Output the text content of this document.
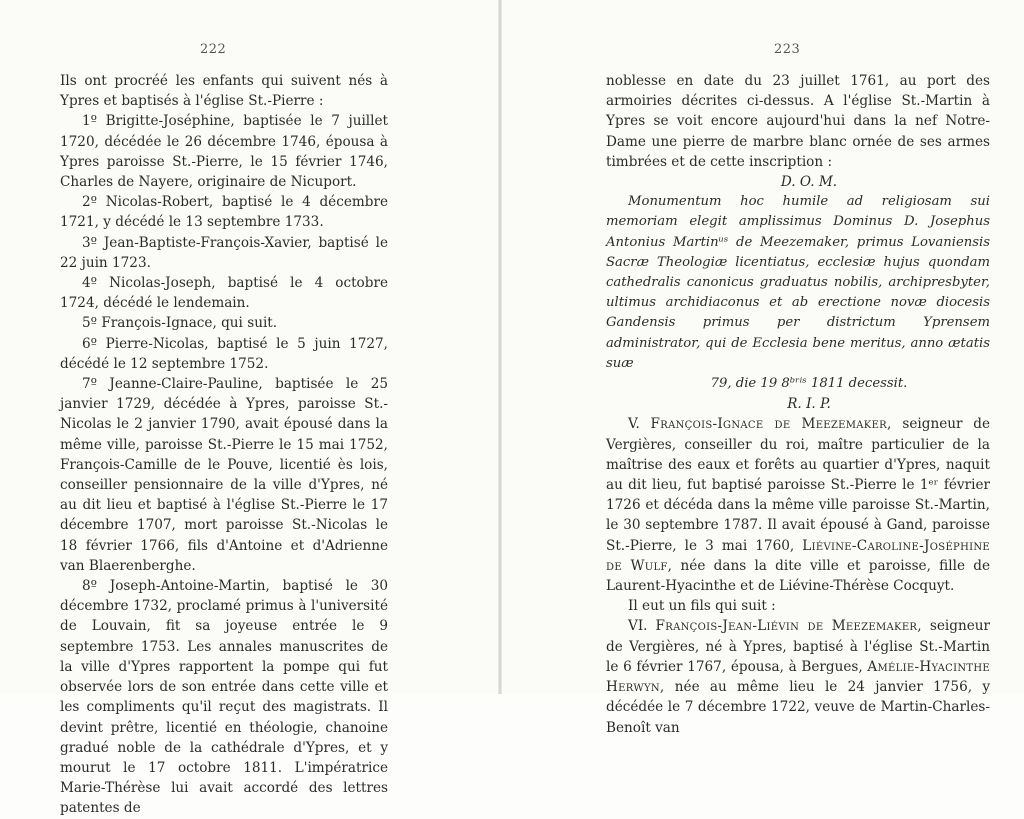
222

Ils ont procréé les enfants qui suivent nés à Ypres et baptisés à l'église St.-Pierre :

1º Brigitte-Joséphine, baptisée le 7 juillet 1720, décédée le 26 décembre 1746, épousa à Ypres paroisse St.-Pierre, le 15 février 1746, Charles de Nayere, originaire de Nicuport.

2º Nicolas-Robert, baptisé le 4 décembre 1721, y décédé le 13 septembre 1733.

3º Jean-Baptiste-François-Xavier, baptisé le 22 juin 1723.

4º Nicolas-Joseph, baptisé le 4 octobre 1724, décédé le lendemain.

5º François-Ignace, qui suit.

6º Pierre-Nicolas, baptisé le 5 juin 1727, décédé le 12 septembre 1752.

7º Jeanne-Claire-Pauline, baptisée le 25 janvier 1729, décédée à Ypres, paroisse St.-Nicolas le 2 janvier 1790, avait épousé dans la même ville, paroisse St.-Pierre le 15 mai 1752, François-Camille de le Pouve, licentié ès lois, conseiller pensionnaire de la ville d'Ypres, né au dit lieu et baptisé à l'église St.-Pierre le 17 décembre 1707, mort paroisse St.-Nicolas le 18 février 1766, fils d'Antoine et d'Adrienne van Blaerenberghe.

8º Joseph-Antoine-Martin, baptisé le 30 décembre 1732, proclamé primus à l'université de Louvain, fit sa joyeuse entrée le 9 septembre 1753. Les annales manuscrites de la ville d'Ypres rapportent la pompe qui fut observée lors de son entrée dans cette ville et les compliments qu'il reçut des magistrats. Il devint prêtre, licentié en théologie, chanoine gradué noble de la cathédrale d'Ypres, et y mourut le 17 octobre 1811. L'impératrice Marie-Thérèse lui avait accordé des lettres patentes de

223

noblesse en date du 23 juillet 1761, au port des armoiries décrites ci-dessus. A l'église St.-Martin à Ypres se voit encore aujourd'hui dans la nef Notre-Dame une pierre de marbre blanc ornée de ses armes timbrées et de cette inscription :

D. O. M.

Monumentum hoc humile ad religiosam sui memoriam elegit amplissimus Dominus D. Josephus Antonius Martinᵘˢ de Meezemaker, primus Lovaniensis Sacræ Theologiæ licentiatus, ecclesiæ hujus quondam cathedralis canonicus graduatus nobilis, archipresbyter, ultimus archidiaconus et ab erectione novæ diocesis Gandensis primus per districtum Yprensem administrator, qui de Ecclesia bene meritus, anno ætatis suæ
79, die 19 8ᵇʳⁱˢ 1811 decessit.

R. I. P.

V. François-Ignace de Meezemaker, seigneur de Vergières, conseiller du roi, maître particulier de la maîtrise des eaux et forêts au quartier d'Ypres, naquit au dit lieu, fut baptisé paroisse St.-Pierre le 1ᵉʳ février 1726 et décéda dans la même ville paroisse St.-Martin, le 30 septembre 1787. Il avait épousé à Gand, paroisse St.-Pierre, le 3 mai 1760, Liévine-Caroline-Joséphine de Wulf, née dans la dite ville et paroisse, fille de Laurent-Hyacinthe et de Liévine-Thérèse Cocquyt.

Il eut un fils qui suit :

VI. François-Jean-Liévin de Meezemaker, seigneur de Vergières, né à Ypres, baptisé à l'église St.-Martin le 6 février 1767, épousa, à Bergues, Amélie-Hyacinthe Herwyn, née au même lieu le 24 janvier 1756, y décédée le 7 décembre 1722, veuve de Martin-Charles-Benoît van
